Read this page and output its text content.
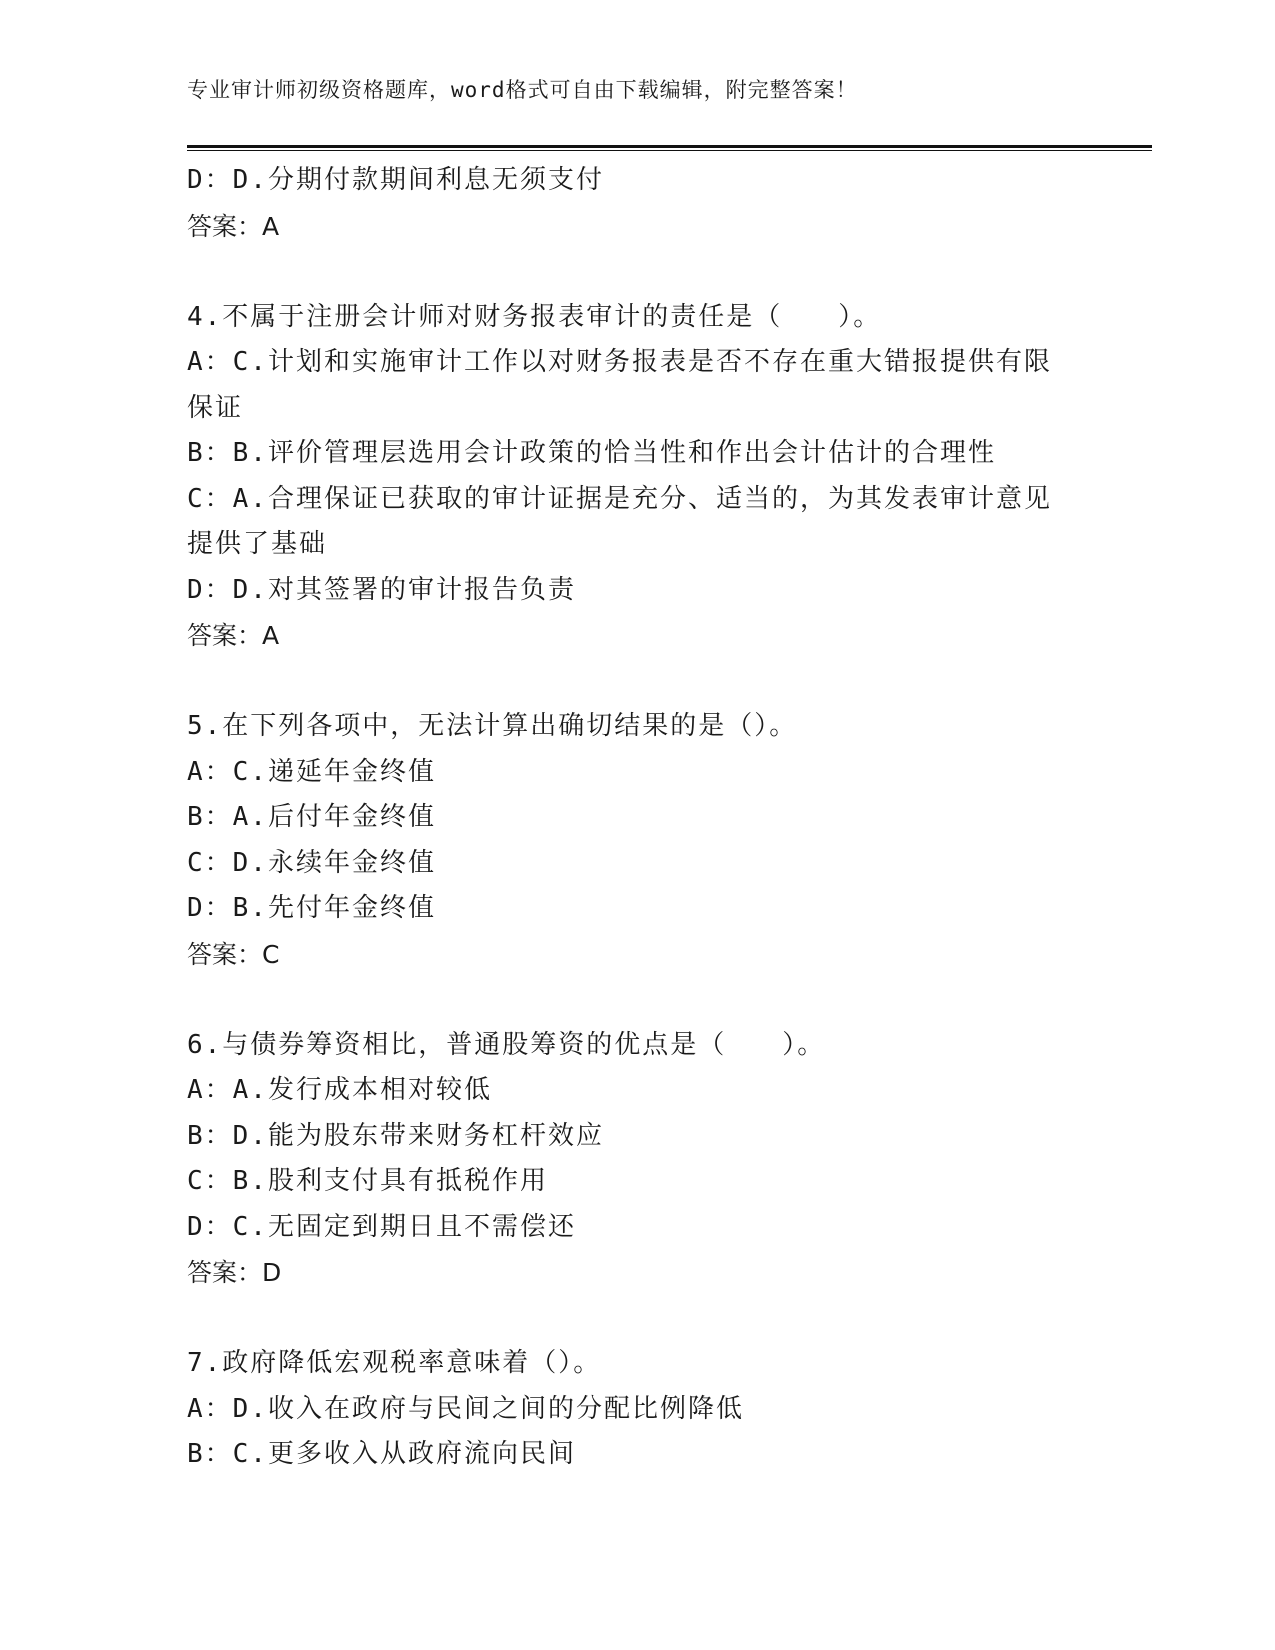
专业审计师初级资格题库，word格式可自由下载编辑，附完整答案！
D：D.分期付款期间利息无须支付
答案：A
4.不属于注册会计师对财务报表审计的责任是（　　）。
A：C.计划和实施审计工作以对财务报表是否不存在重大错报提供有限
保证
B：B.评价管理层选用会计政策的恰当性和作出会计估计的合理性
C：A.合理保证已获取的审计证据是充分、适当的，为其发表审计意见
提供了基础
D：D.对其签署的审计报告负责
答案：A
5.在下列各项中，无法计算出确切结果的是（）。
A：C.递延年金终值
B：A.后付年金终值
C：D.永续年金终值
D：B.先付年金终值
答案：C
6.与债券筹资相比，普通股筹资的优点是（　　）。
A：A.发行成本相对较低
B：D.能为股东带来财务杠杆效应
C：B.股利支付具有抵税作用
D：C.无固定到期日且不需偿还
答案：D
7.政府降低宏观税率意味着（）。
A：D.收入在政府与民间之间的分配比例降低
B：C.更多收入从政府流向民间
